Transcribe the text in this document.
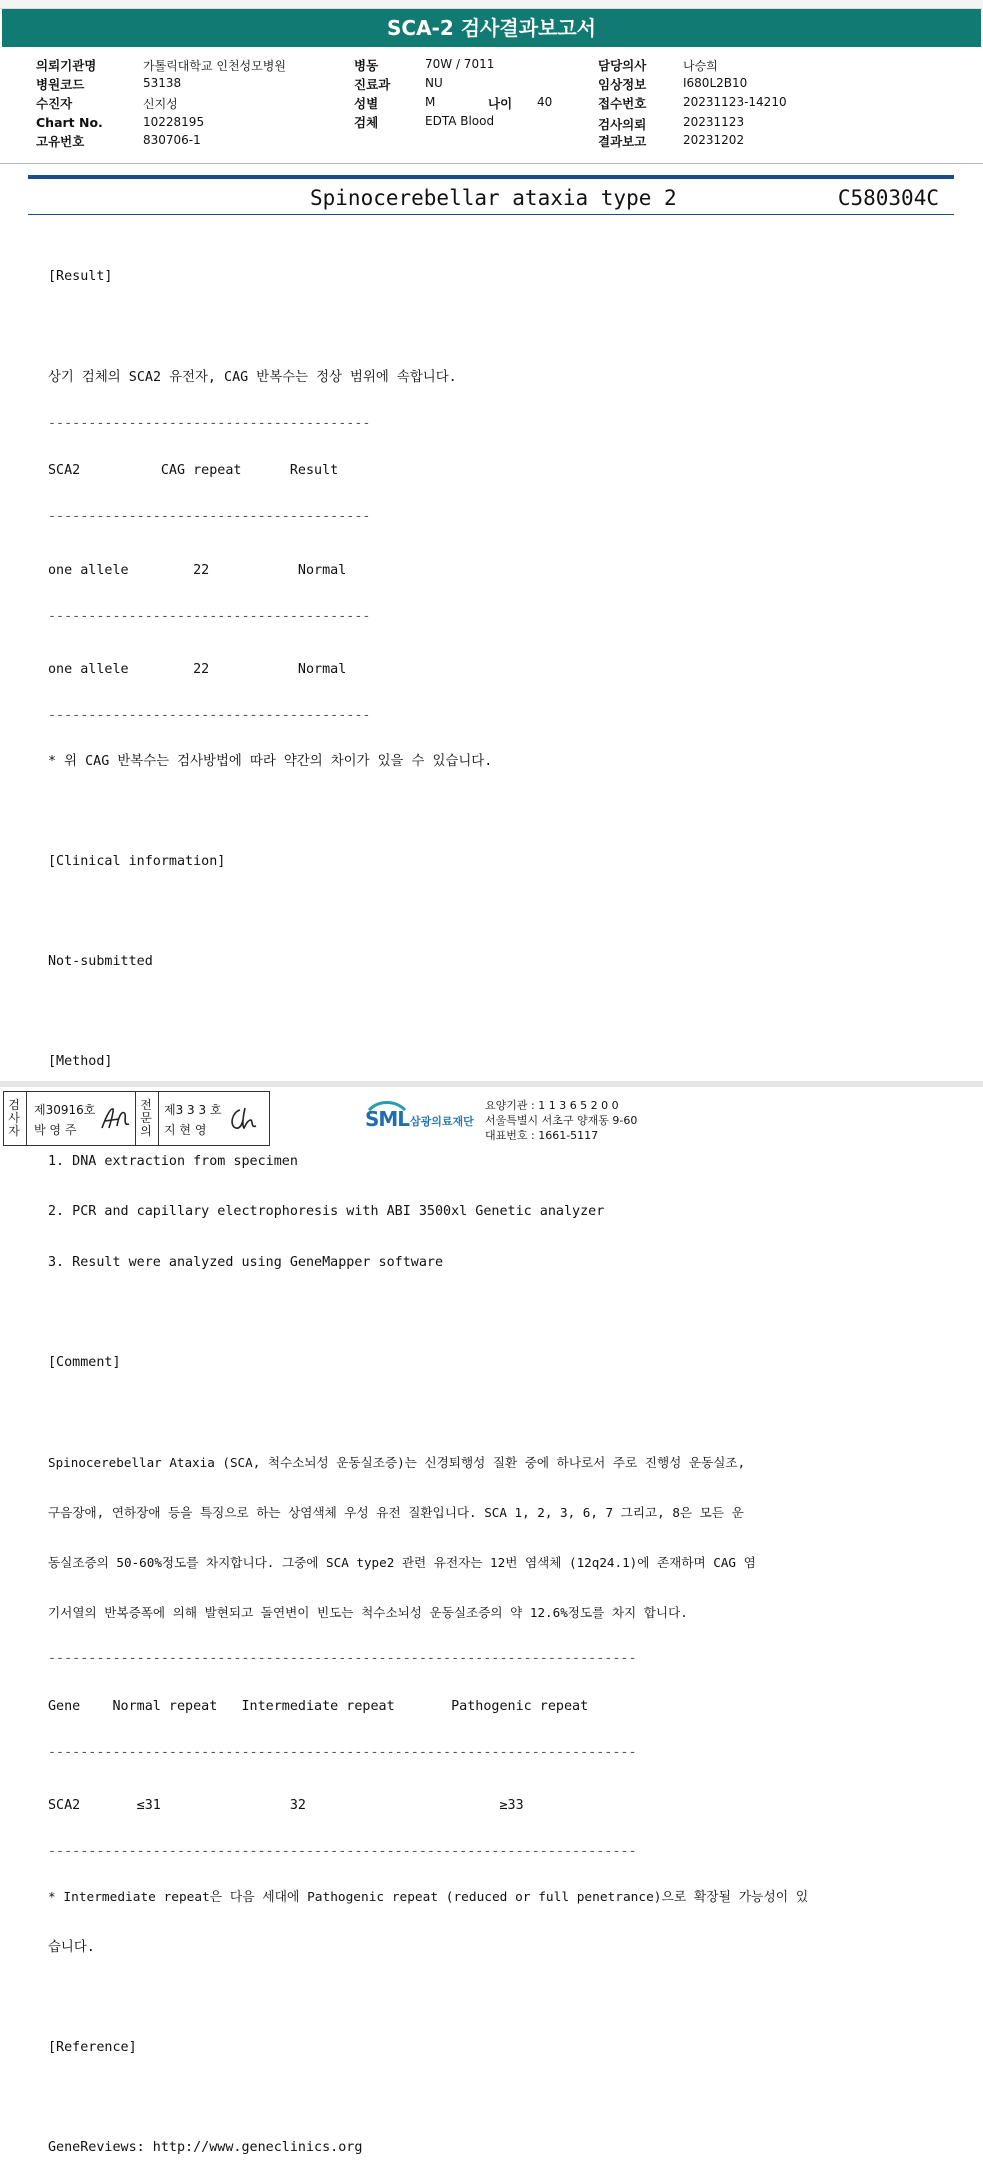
SCA-2 검사결과보고서
의뢰기관명	가톨릭대학교 인천성모병원
병원코드	53138
수진자	신지성
Chart No.	10228195
고유번호	830706-1
병동	70W / 7011
진료과	NU
성별	M	나이 40
검체	EDTA Blood
담당의사	나승희
임상정보	I680L2B10
접수번호	20231123-14210
검사의뢰	20231123
결과보고	20231202
Spinocerebellar ataxia type 2	C580304C

[Result]

상기 검체의 SCA2 유전자, CAG 반복수는 정상 범위에 속합니다.

----------------------------------------

SCA2          CAG repeat      Result

----------------------------------------

one allele        22           Normal

----------------------------------------

one allele        22           Normal

----------------------------------------

* 위 CAG 반복수는 검사방법에 따라 약간의 차이가 있을 수 있습니다.

[Clinical information]

Not-submitted

[Method]

1. DNA extraction from specimen

2. PCR and capillary electrophoresis with ABI 3500xl Genetic analyzer

3. Result were analyzed using GeneMapper software

[Comment]

Spinocerebellar Ataxia (SCA, 척수소뇌성 운동실조증)는 신경퇴행성 질환 중에 하나로서 주로 진행성 운동실조,

구음장애, 연하장애 등을 특징으로 하는 상염색체 우성 유전 질환입니다. SCA 1, 2, 3, 6, 7 그리고, 8은 모든 운

동실조증의 50-60%정도를 차지합니다. 그중에 SCA type2 관련 유전자는 12번 염색체 (12q24.1)에 존재하며 CAG 염

기서열의 반복증폭에 의해 발현되고 돌연변이 빈도는 척수소뇌성 운동실조증의 약 12.6%정도를 차지 합니다.

-------------------------------------------------------------------------

Gene    Normal repeat   Intermediate repeat       Pathogenic repeat

-------------------------------------------------------------------------

SCA2       ≤31                32                        ≥33

-------------------------------------------------------------------------

* Intermediate repeat은 다음 세대에 Pathogenic repeat (reduced or full penetrance)으로 확장될 가능성이 있

습니다.

[Reference]

GeneReviews: http://www.geneclinics.org

검사자
제30916호
박 영 주
전문의
제3 3 3 호
지 현 영	SML 삼광의료재단
요양기관 : 1 1 3 6 5 2 0 0
서울특별시 서초구 양재동 9-60
대표번호 : 1661-5117
